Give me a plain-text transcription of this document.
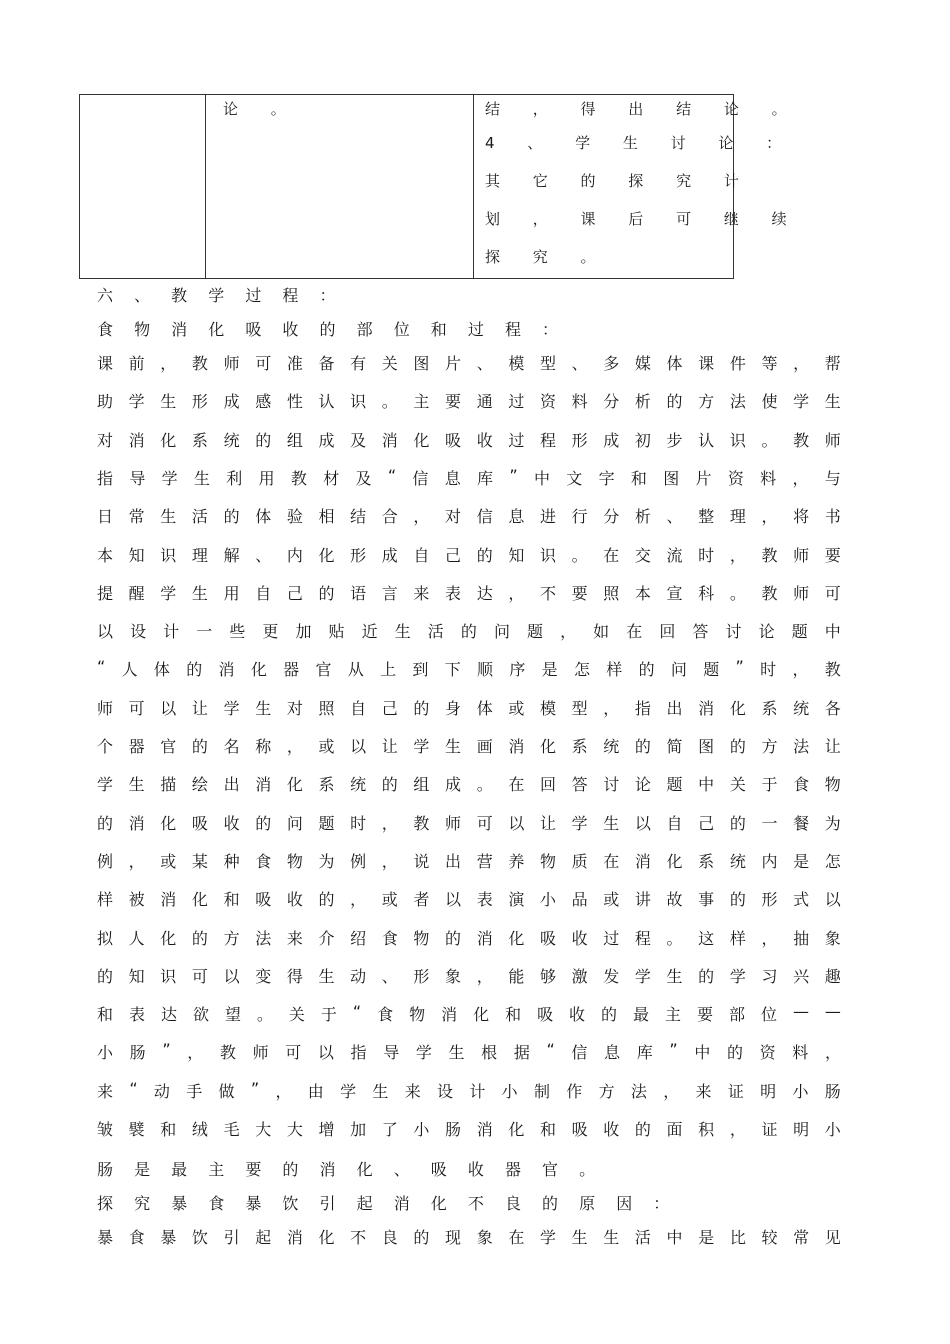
论 。	结 ， 得 出 结 论 。
4 、 学 生 讨 论 ：
其 它 的 探 究 计
划 ， 课 后 可 继 续
探 究 。
六 、 教 学 过 程 ：
食 物 消 化 吸 收 的 部 位 和 过 程 ：
课 前 ， 教 师 可 准 备 有 关 图 片 、 模 型 、 多 媒 体 课 件 等 ， 帮
助 学 生 形 成 感 性 认 识 。 主 要 通 过 资 料 分 析 的 方 法 使 学 生
对 消 化 系 统 的 组 成 及 消 化 吸 收 过 程 形 成 初 步 认 识 。 教 师
指 导 学 生 利 用 教 材 及 “ 信 息 库 ” 中 文 字 和 图 片 资 料 ， 与
日 常 生 活 的 体 验 相 结 合 ， 对 信 息 进 行 分 析 、 整 理 ， 将 书
本 知 识 理 解 、 内 化 形 成 自 己 的 知 识 。 在 交 流 时 ， 教 师 要
提 醒 学 生 用 自 己 的 语 言 来 表 达 ， 不 要 照 本 宣 科 。 教 师 可
以 设 计 一 些 更 加 贴 近 生 活 的 问 题 ， 如 在 回 答 讨 论 题 中
“ 人 体 的 消 化 器 官 从 上 到 下 顺 序 是 怎 样 的 问 题 ” 时 ， 教
师 可 以 让 学 生 对 照 自 己 的 身 体 或 模 型 ， 指 出 消 化 系 统 各
个 器 官 的 名 称 ， 或 以 让 学 生 画 消 化 系 统 的 简 图 的 方 法 让
学 生 描 绘 出 消 化 系 统 的 组 成 。 在 回 答 讨 论 题 中 关 于 食 物
的 消 化 吸 收 的 问 题 时 ， 教 师 可 以 让 学 生 以 自 己 的 一 餐 为
例 ， 或 某 种 食 物 为 例 ， 说 出 营 养 物 质 在 消 化 系 统 内 是 怎
样 被 消 化 和 吸 收 的 ， 或 者 以 表 演 小 品 或 讲 故 事 的 形 式 以
拟 人 化 的 方 法 来 介 绍 食 物 的 消 化 吸 收 过 程 。 这 样 ， 抽 象
的 知 识 可 以 变 得 生 动 、 形 象 ， 能 够 激 发 学 生 的 学 习 兴 趣
和 表 达 欲 望 。 关 于 “ 食 物 消 化 和 吸 收 的 最 主 要 部 位 — —
小 肠 ” ， 教 师 可 以 指 导 学 生 根 据 “ 信 息 库 ” 中 的 资 料 ，
来 “ 动 手 做 ” ， 由 学 生 来 设 计 小 制 作 方 法 ， 来 证 明 小 肠
皱 襞 和 绒 毛 大 大 增 加 了 小 肠 消 化 和 吸 收 的 面 积 ， 证 明 小
肠 是 最 主 要 的 消 化 、 吸 收 器 官 。
探 究 暴 食 暴 饮 引 起 消 化 不 良 的 原 因 ：
暴 食 暴 饮 引 起 消 化 不 良 的 现 象 在 学 生 生 活 中 是 比 较 常 见
